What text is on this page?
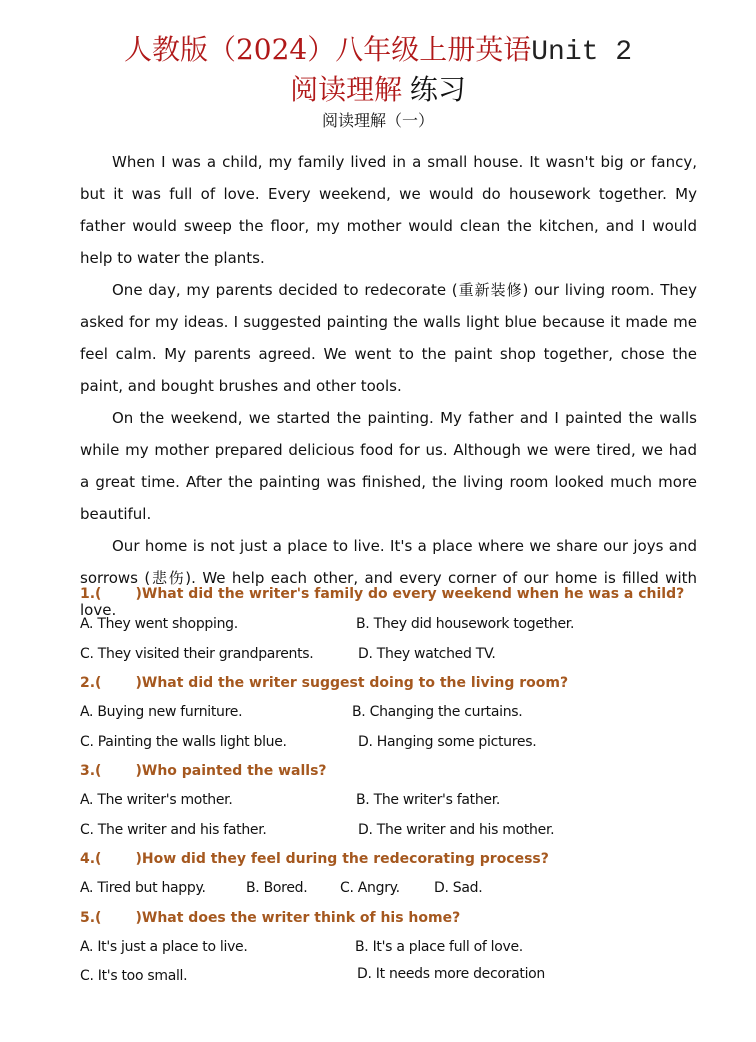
人教版（2024）八年级上册英语Unit 2
阅读理解 练习
阅读理解（一）

When I was a child, my family lived in a small house. It wasn't big or fancy, but it was full of love. Every weekend, we would do housework together. My father would sweep the floor, my mother would clean the kitchen, and I would help to water the plants.

One day, my parents decided to redecorate (重新装修) our living room. They asked for my ideas. I suggested painting the walls light blue because it made me feel calm. My parents agreed. We went to the paint shop together, chose the paint, and bought brushes and other tools.

On the weekend, we started the painting. My father and I painted the walls while my mother prepared delicious food for us. Although we were tired, we had a great time. After the painting was finished, the living room looked much more beautiful.

Our home is not just a place to live. It's a place where we share our joys and sorrows (悲伤). We help each other, and every corner of our home is filled with love.

1.( )What did the writer's family do every weekend when he was a child?
A. They went shopping.	B. They did housework together.
C. They visited their grandparents.	D. They watched TV.
2.( )What did the writer suggest doing to the living room?
A. Buying new furniture.	B. Changing the curtains.
C. Painting the walls light blue.	D. Hanging some pictures.
3.( )Who painted the walls?
A. The writer's mother.	B. The writer's father.
C. The writer and his father.	D. The writer and his mother.
4.( )How did they feel during the redecorating process?
A. Tired but happy.	B. Bored. C. Angry. D. Sad.
5.( )What does the writer think of his home?
A. It's just a place to live.	B. It's a place full of love.
C. It's too small.	D. It needs more decoration
